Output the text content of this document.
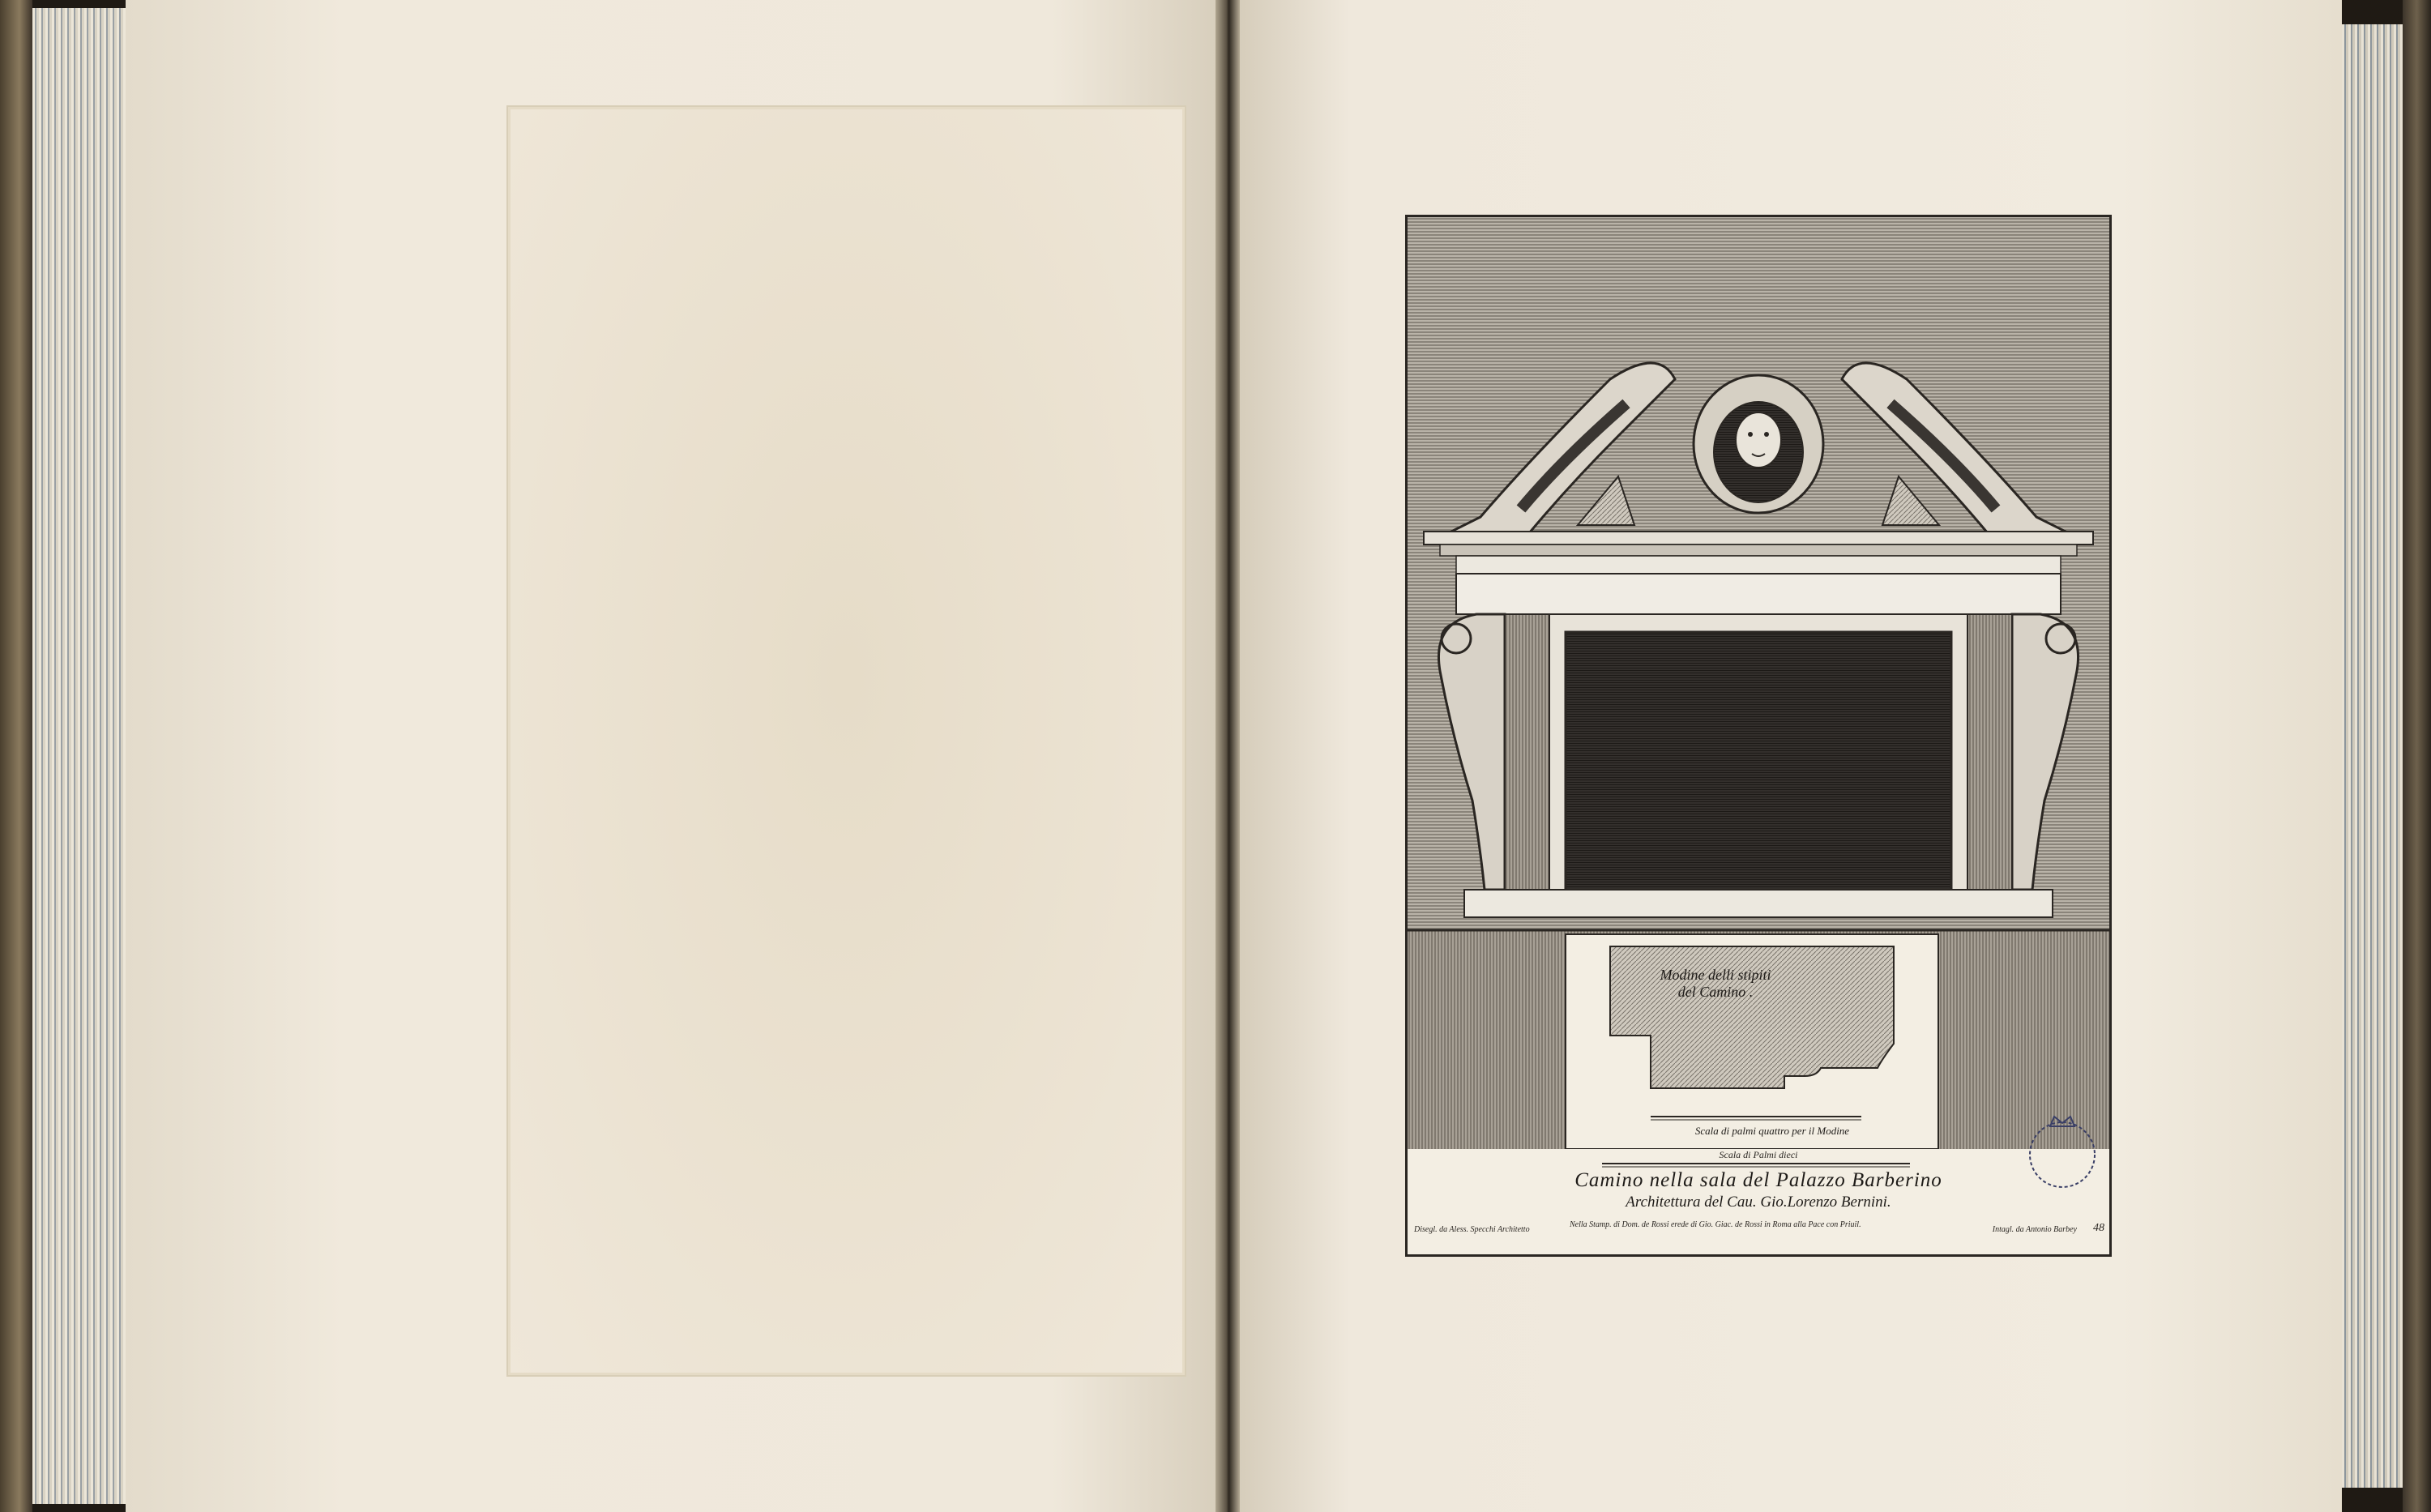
Modine delli stipiti
del Camino .
Scala di palmi quattro per il Modine
Scala di Palmi dieci
Camino nella sala del Palazzo Barberino
Architettura del Cau. Gio.Lorenzo Bernini.
Disegl. da Aless. Specchi Architetto
Nella Stamp. di Dom. de Rossi erede di Gio. Giac. de Rossi in Roma alla Pace con Priuil.
Intagl. da Antonio Barbey 48
